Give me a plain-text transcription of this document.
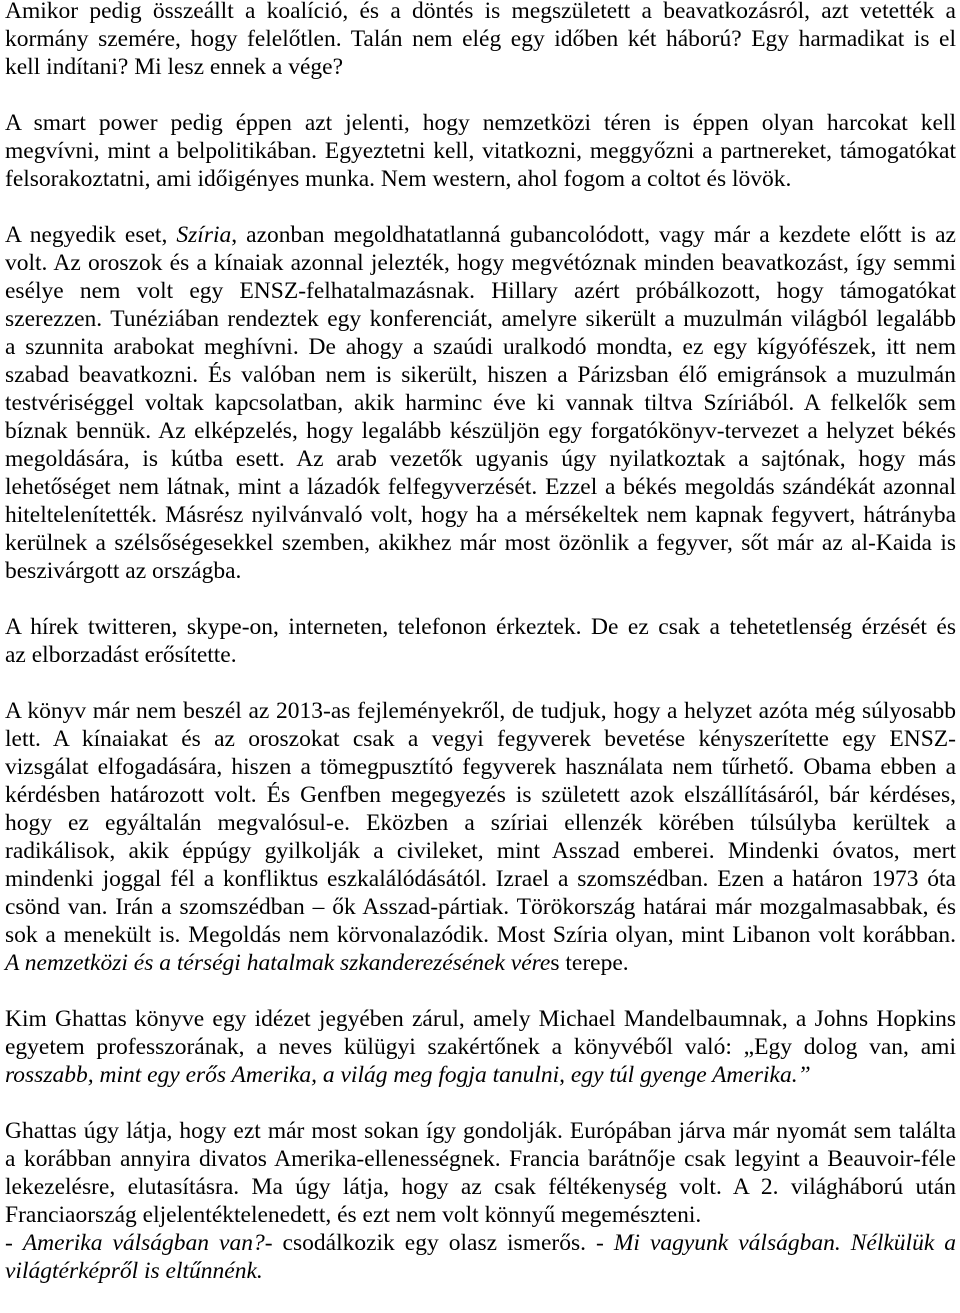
Amikor pedig összeállt a koalíció, és a döntés is megszületett a beavatkozásról, azt vetették a
kormány szemére, hogy felelőtlen. Talán nem elég egy időben két háború? Egy harmadikat is el
kell indítani? Mi lesz ennek a vége?
A smart power pedig éppen azt jelenti, hogy nemzetközi téren is éppen olyan harcokat kell
megvívni, mint a belpolitikában. Egyeztetni kell, vitatkozni, meggyőzni a partnereket, támogatókat
felsorakoztatni, ami időigényes munka. Nem western, ahol fogom a coltot és lövök.
A negyedik eset, Szíria, azonban megoldhatatlanná gubancolódott, vagy már a kezdete előtt is az
volt. Az oroszok és a kínaiak azonnal jelezték, hogy megvétóznak minden beavatkozást, így semmi
esélye nem volt egy ENSZ-felhatalmazásnak. Hillary azért próbálkozott, hogy támogatókat
szerezzen. Tunéziában rendeztek egy konferenciát, amelyre sikerült a muzulmán világból legalább
a szunnita arabokat meghívni. De ahogy a szaúdi uralkodó mondta, ez egy kígyófészek, itt nem
szabad beavatkozni. És valóban nem is sikerült, hiszen a Párizsban élő emigránsok a muzulmán
testvériséggel voltak kapcsolatban, akik harminc éve ki vannak tiltva Szíriából. A felkelők sem
bíznak bennük. Az elképzelés, hogy legalább készüljön egy forgatókönyv-tervezet a helyzet békés
megoldására, is kútba esett. Az arab vezetők ugyanis úgy nyilatkoztak a sajtónak, hogy más
lehetőséget nem látnak, mint a lázadók felfegyverzését. Ezzel a békés megoldás szándékát azonnal
hiteltelenítették. Másrész nyilvánvaló volt, hogy ha a mérsékeltek nem kapnak fegyvert, hátrányba
kerülnek a szélsőségesekkel szemben, akikhez már most özönlik a fegyver, sőt már az al-Kaida is
beszivárgott az országba.
A hírek twitteren, skype-on, interneten, telefonon érkeztek. De ez csak a tehetetlenség érzését és
az elborzadást erősítette.
A könyv már nem beszél az 2013-as fejleményekről, de tudjuk, hogy a helyzet azóta még súlyosabb
lett. A kínaiakat és az oroszokat csak a vegyi fegyverek bevetése kényszerítette egy ENSZ-
vizsgálat elfogadására, hiszen a tömegpusztító fegyverek használata nem tűrhető. Obama ebben a
kérdésben határozott volt. És Genfben megegyezés is született azok elszállításáról, bár kérdéses,
hogy ez egyáltalán megvalósul-e. Eközben a szíriai ellenzék körében túlsúlyba kerültek a
radikálisok, akik éppúgy gyilkolják a civileket, mint Asszad emberei. Mindenki óvatos, mert
mindenki joggal fél a konfliktus eszkalálódásától. Izrael a szomszédban. Ezen a határon 1973 óta
csönd van. Irán a szomszédban – ők Asszad-pártiak. Törökország határai már mozgalmasabbak, és
sok a menekült is. Megoldás nem körvonalazódik. Most Szíria olyan, mint Libanon volt korábban.
A nemzetközi és a térségi hatalmak szkanderezésének véres terepe.
Kim Ghattas könyve egy idézet jegyében zárul, amely Michael Mandelbaumnak, a Johns Hopkins
egyetem professzorának, a neves külügyi szakértőnek a könyvéből való: „Egy dolog van, ami
rosszabb, mint egy erős Amerika, a világ meg fogja tanulni, egy túl gyenge Amerika.”
Ghattas úgy látja, hogy ezt már most sokan így gondolják. Európában járva már nyomát sem találta
a korábban annyira divatos Amerika-ellenességnek. Francia barátnője csak legyint a Beauvoir-féle
lekezelésre, elutasításra. Ma úgy látja, hogy az csak féltékenység volt. A 2. világháború után
Franciaország eljelentéktelenedett, és ezt nem volt könnyű megemészteni.
- Amerika válságban van?- csodálkozik egy olasz ismerős. - Mi vagyunk válságban. Nélkülük a
világtérképről is eltűnnénk.
